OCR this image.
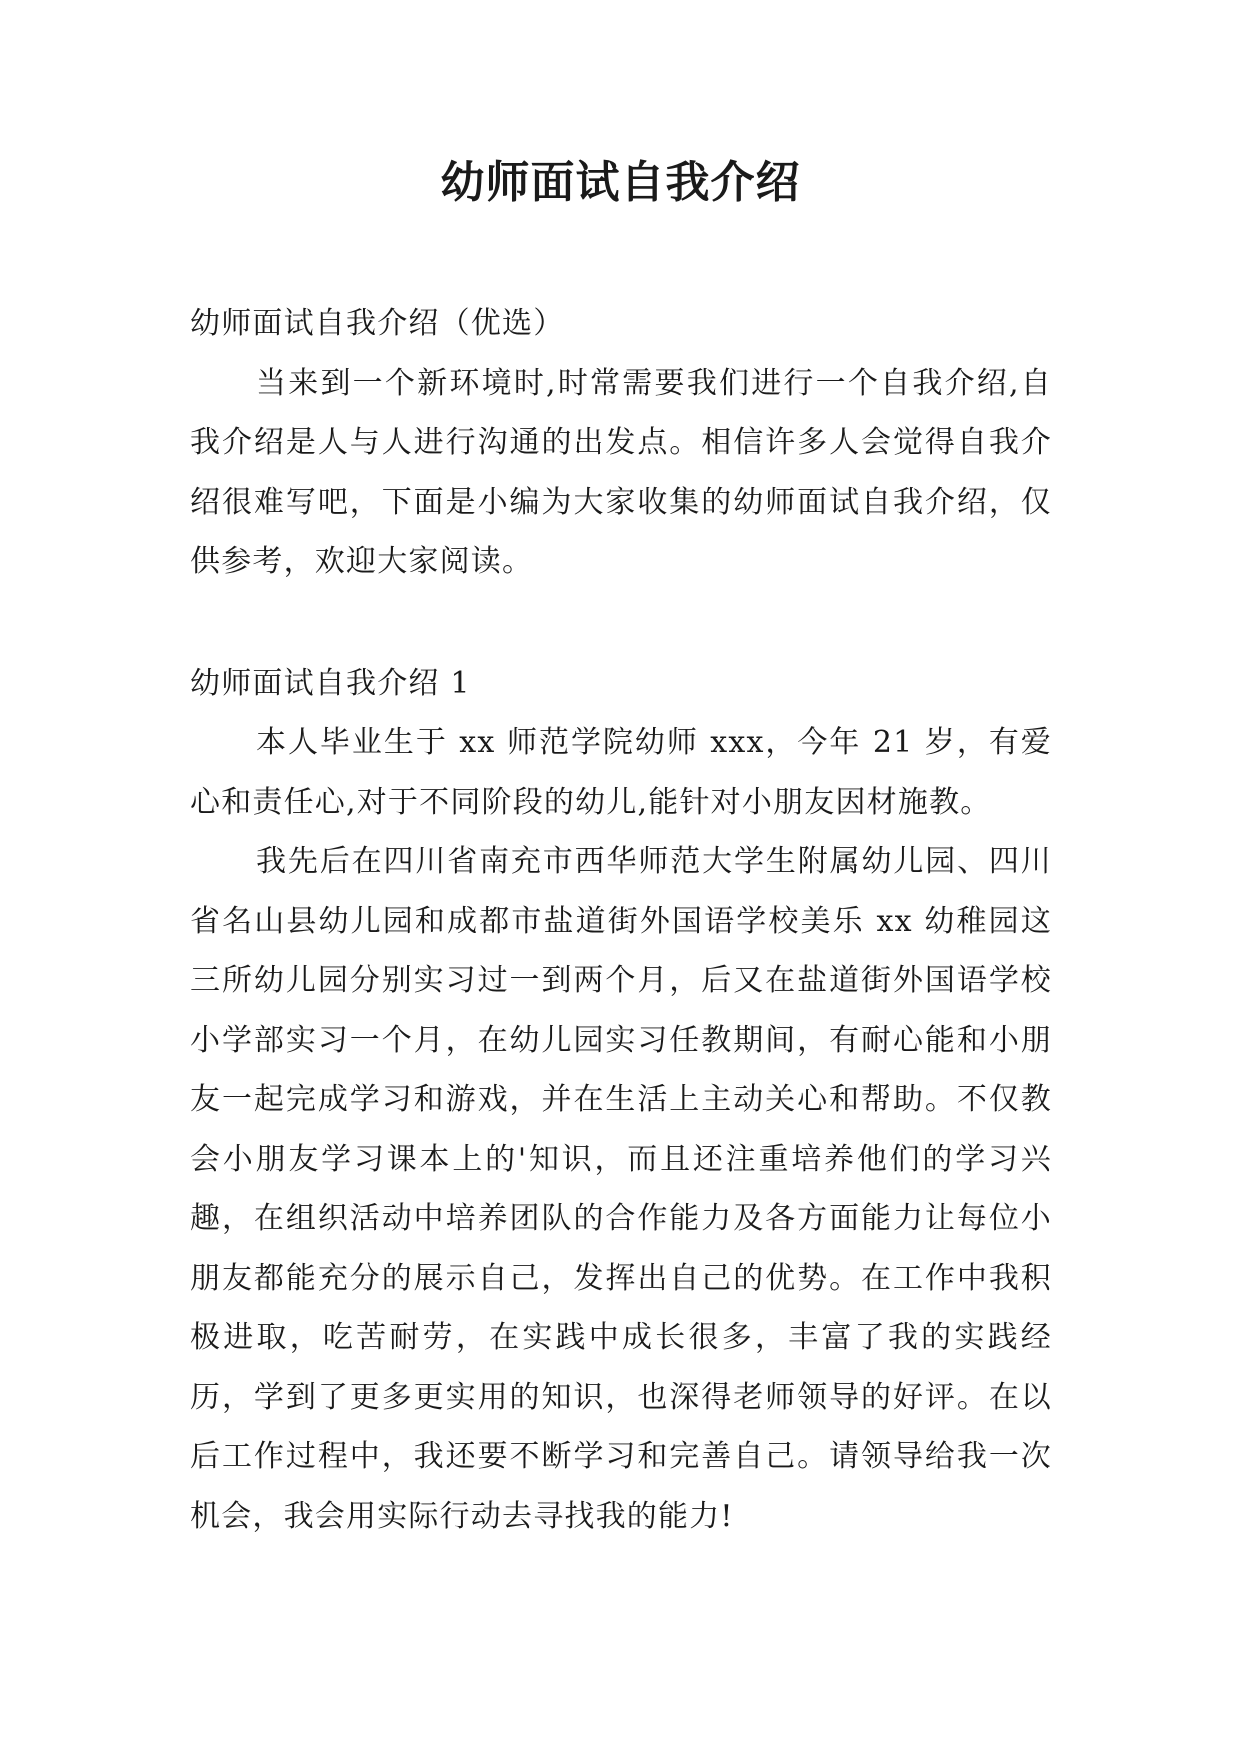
幼师面试自我介绍

幼师面试自我介绍（优选）

当来到一个新环境时,时常需要我们进行一个自我介绍,自我介绍是人与人进行沟通的出发点。相信许多人会觉得自我介绍很难写吧，下面是小编为大家收集的幼师面试自我介绍，仅供参考，欢迎大家阅读。

幼师面试自我介绍 1

本人毕业生于 xx 师范学院幼师 xxx，今年 21 岁，有爱心和责任心,对于不同阶段的幼儿,能针对小朋友因材施教。

我先后在四川省南充市西华师范大学生附属幼儿园、四川省名山县幼儿园和成都市盐道街外国语学校美乐 xx 幼稚园这三所幼儿园分别实习过一到两个月，后又在盐道街外国语学校小学部实习一个月，在幼儿园实习任教期间，有耐心能和小朋友一起完成学习和游戏，并在生活上主动关心和帮助。不仅教会小朋友学习课本上的'知识，而且还注重培养他们的学习兴趣，在组织活动中培养团队的合作能力及各方面能力让每位小朋友都能充分的展示自己，发挥出自己的优势。在工作中我积极进取，吃苦耐劳，在实践中成长很多，丰富了我的实践经历，学到了更多更实用的知识，也深得老师领导的好评。在以后工作过程中，我还要不断学习和完善自己。请领导给我一次机会，我会用实际行动去寻找我的能力!
